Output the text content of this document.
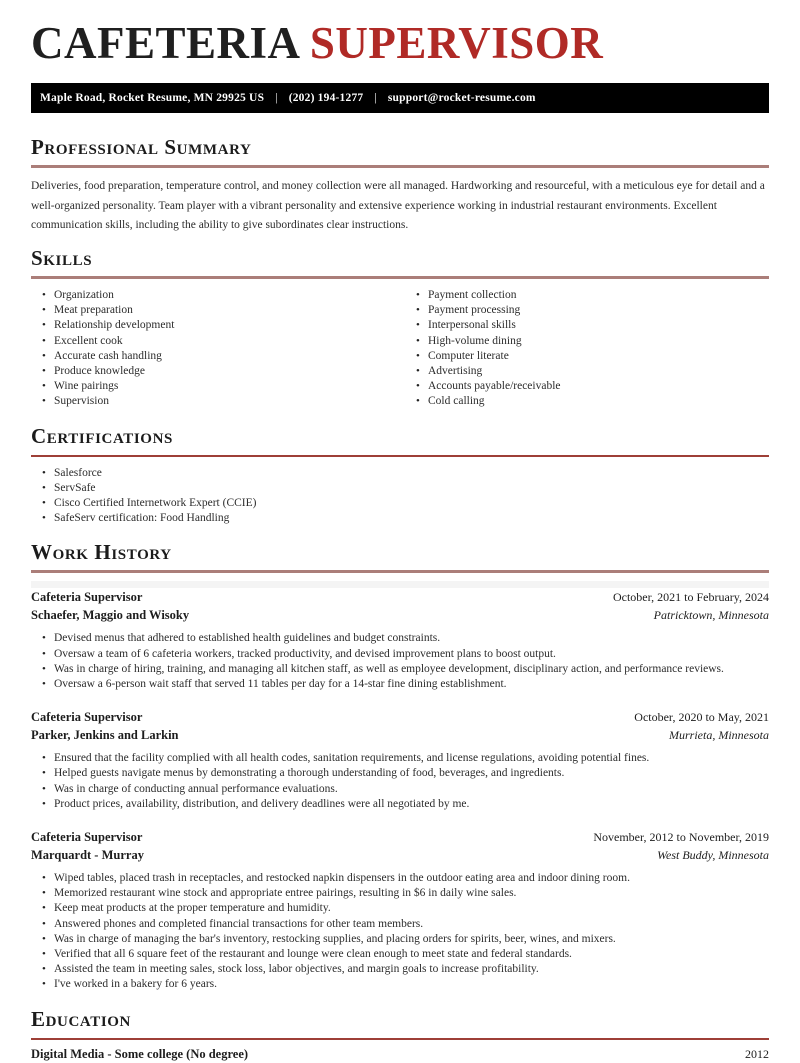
CAFETERIA SUPERVISOR
Maple Road, Rocket Resume, MN 29925 US | (202) 194-1277 | support@rocket-resume.com
Professional Summary

Deliveries, food preparation, temperature control, and money collection were all managed. Hardworking and resourceful, with a meticulous eye for detail and a well-organized personality. Team player with a vibrant personality and extensive experience working in industrial restaurant environments. Excellent communication skills, including the ability to give subordinates clear instructions.

Skills
• Organization
• Meat preparation
• Relationship development
• Excellent cook
• Accurate cash handling
• Produce knowledge
• Wine pairings
• Supervision
• Payment collection
• Payment processing
• Interpersonal skills
• High-volume dining
• Computer literate
• Advertising
• Accounts payable/receivable
• Cold calling
Certifications
• Salesforce
• ServSafe
• Cisco Certified Internetwork Expert (CCIE)
• SafeServ certification: Food Handling
Work History
Cafeteria Supervisor	October, 2021 to February, 2024
Schaefer, Maggio and Wisoky	Patricktown, Minnesota
• Devised menus that adhered to established health guidelines and budget constraints.
• Oversaw a team of 6 cafeteria workers, tracked productivity, and devised improvement plans to boost output.
• Was in charge of hiring, training, and managing all kitchen staff, as well as employee development, disciplinary action, and performance reviews.
• Oversaw a 6-person wait staff that served 11 tables per day for a 14-star fine dining establishment.
Cafeteria Supervisor	October, 2020 to May, 2021
Parker, Jenkins and Larkin	Murrieta, Minnesota
• Ensured that the facility complied with all health codes, sanitation requirements, and license regulations, avoiding potential fines.
• Helped guests navigate menus by demonstrating a thorough understanding of food, beverages, and ingredients.
• Was in charge of conducting annual performance evaluations.
• Product prices, availability, distribution, and delivery deadlines were all negotiated by me.
Cafeteria Supervisor	November, 2012 to November, 2019
Marquardt - Murray	West Buddy, Minnesota
• Wiped tables, placed trash in receptacles, and restocked napkin dispensers in the outdoor eating area and indoor dining room.
• Memorized restaurant wine stock and appropriate entree pairings, resulting in $6 in daily wine sales.
• Keep meat products at the proper temperature and humidity.
• Answered phones and completed financial transactions for other team members.
• Was in charge of managing the bar's inventory, restocking supplies, and placing orders for spirits, beer, wines, and mixers.
• Verified that all 6 square feet of the restaurant and lounge were clean enough to meet state and federal standards.
• Assisted the team in meeting sales, stock loss, labor objectives, and margin goals to increase profitability.
• I've worked in a bakery for 6 years.
Education
Digital Media - Some college (No degree)	2012
